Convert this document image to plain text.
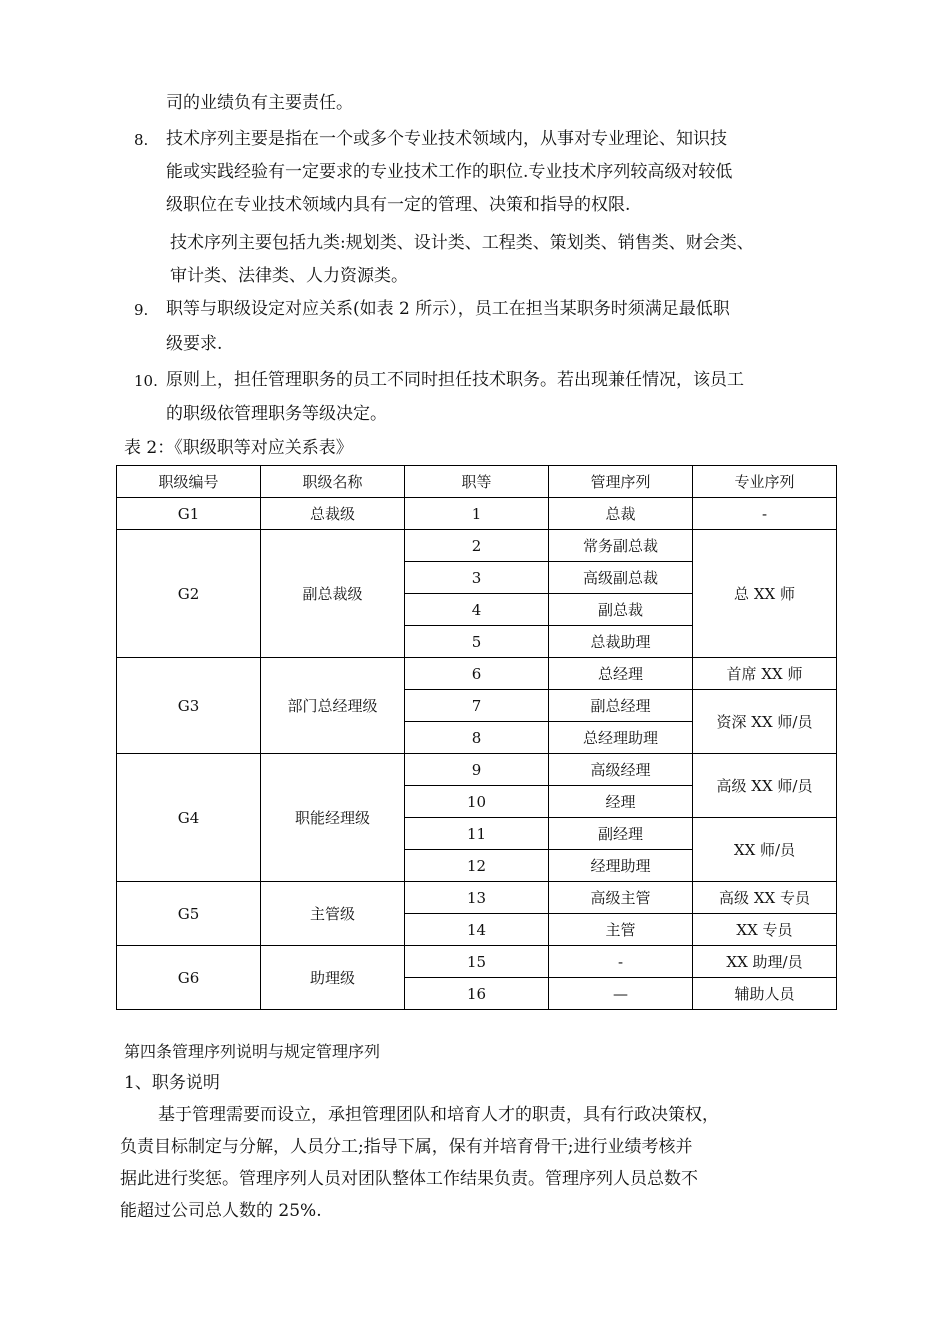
司的业绩负有主要责任。
8. 技术序列主要是指在一个或多个专业技术领域内，从事对专业理论、知识技
能或实践经验有一定要求的专业技术工作的职位.专业技术序列较高级对较低
级职位在专业技术领域内具有一定的管理、决策和指导的权限.
技术序列主要包括九类:规划类、设计类、工程类、策划类、销售类、财会类、
审计类、法律类、人力资源类。
9. 职等与职级设定对应关系(如表 2 所示），员工在担当某职务时须满足最低职
级要求.
10. 原则上，担任管理职务的员工不同时担任技术职务。若出现兼任情况，该员工
的职级依管理职务等级决定。
表 2：《职级职等对应关系表》
职级编号	职级名称	职等	管理序列	专业序列
G1	总裁级	1	总裁	-
G2	副总裁级	2	常务副总裁	总 XX 师
		3	高级副总裁	
		4	副总裁	
		5	总裁助理	
G3	部门总经理级	6	总经理	首席 XX 师
		7	副总经理	资深 XX 师/员
		8	总经理助理	
G4	职能经理级	9	高级经理	高级 XX 师/员
		10	经理	
		11	副经理	XX 师/员
		12	经理助理	
G5	主管级	13	高级主管	高级 XX 专员
		14	主管	XX 专员
G6	助理级	15	-	XX 助理/员
		16	—	辅助人员
第四条管理序列说明与规定管理序列
1、职务说明
基于管理需要而设立，承担管理团队和培育人才的职责，具有行政决策权，
负责目标制定与分解，人员分工;指导下属，保有并培育骨干;进行业绩考核并
据此进行奖惩。管理序列人员对团队整体工作结果负责。管理序列人员总数不
能超过公司总人数的 25%.
